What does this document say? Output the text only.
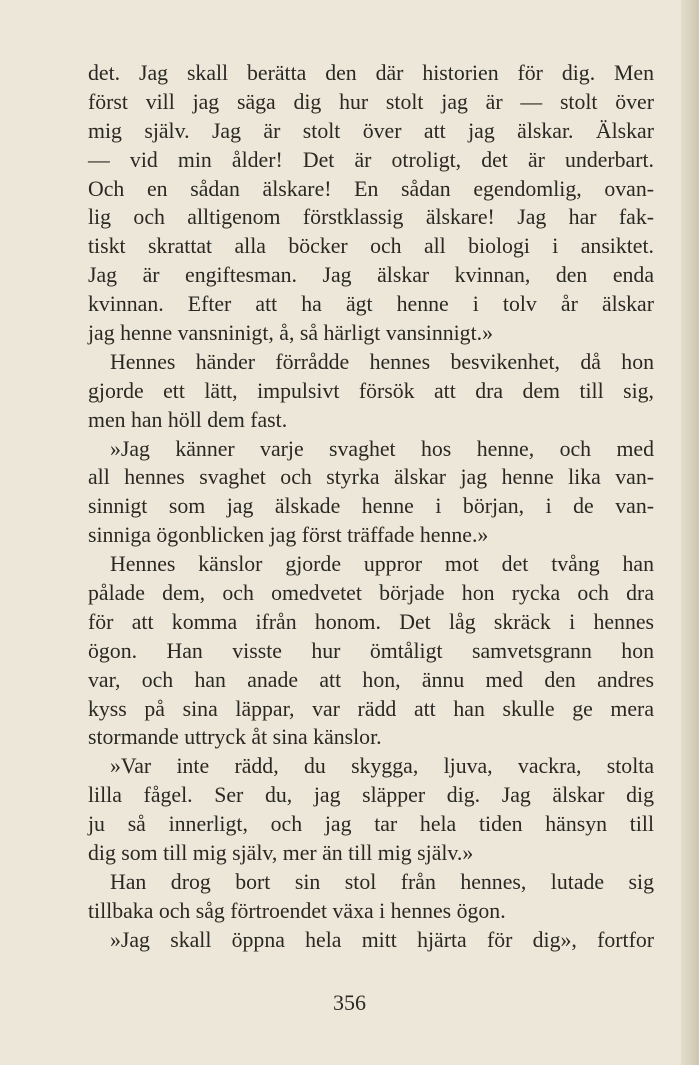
det. Jag skall berätta den där historien för dig. Men
först vill jag säga dig hur stolt jag är — stolt över
mig själv. Jag är stolt över att jag älskar. Älskar
— vid min ålder! Det är otroligt, det är underbart.
Och en sådan älskare! En sådan egendomlig, ovan-
lig och alltigenom förstklassig älskare! Jag har fak-
tiskt skrattat alla böcker och all biologi i ansiktet.
Jag är engiftesman. Jag älskar kvinnan, den enda
kvinnan. Efter att ha ägt henne i tolv år älskar
jag henne vansninigt, å, så härligt vansinnigt.»
Hennes händer förrådde hennes besvikenhet, då hon
gjorde ett lätt, impulsivt försök att dra dem till sig,
men han höll dem fast.
»Jag känner varje svaghet hos henne, och med
all hennes svaghet och styrka älskar jag henne lika van-
sinnigt som jag älskade henne i början, i de van-
sinniga ögonblicken jag först träffade henne.»
Hennes känslor gjorde uppror mot det tvång han
pålade dem, och omedvetet började hon rycka och dra
för att komma ifrån honom. Det låg skräck i hennes
ögon. Han visste hur ömtåligt samvetsgrann hon
var, och han anade att hon, ännu med den andres
kyss på sina läppar, var rädd att han skulle ge mera
stormande uttryck åt sina känslor.
»Var inte rädd, du skygga, ljuva, vackra, stolta
lilla fågel. Ser du, jag släpper dig. Jag älskar dig
ju så innerligt, och jag tar hela tiden hänsyn till
dig som till mig själv, mer än till mig själv.»
Han drog bort sin stol från hennes, lutade sig
tillbaka och såg förtroendet växa i hennes ögon.
»Jag skall öppna hela mitt hjärta för dig», fortfor
356
